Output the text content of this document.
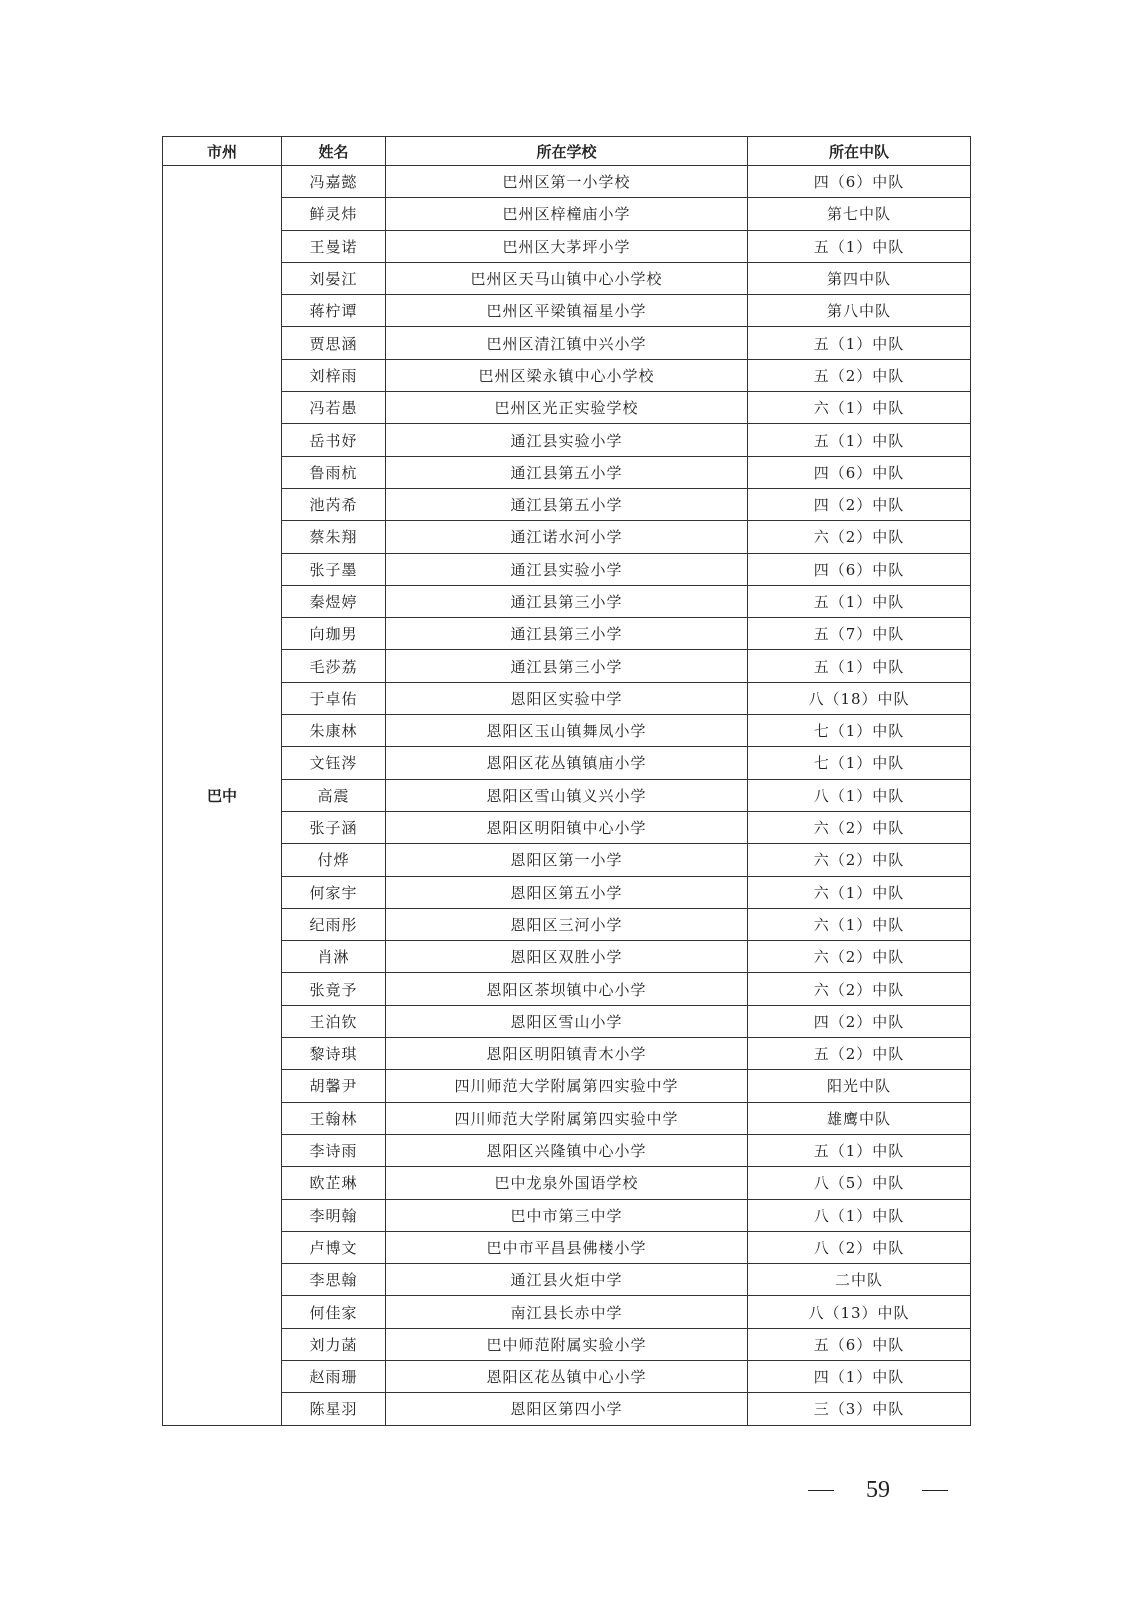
市州	姓名	所在学校	所在中队
巴中	冯嘉懿	巴州区第一小学校	四（6）中队
	鲜灵炜	巴州区梓橦庙小学	第七中队
	王曼诺	巴州区大茅坪小学	五（1）中队
	刘晏江	巴州区天马山镇中心小学校	第四中队
	蒋柠谭	巴州区平梁镇福星小学	第八中队
	贾思涵	巴州区清江镇中兴小学	五（1）中队
	刘梓雨	巴州区梁永镇中心小学校	五（2）中队
	冯若愚	巴州区光正实验学校	六（1）中队
	岳书妤	通江县实验小学	五（1）中队
	鲁雨杭	通江县第五小学	四（6）中队
	池芮希	通江县第五小学	四（2）中队
	蔡朱翔	通江诺水河小学	六（2）中队
	张子墨	通江县实验小学	四（6）中队
	秦煜婷	通江县第三小学	五（1）中队
	向珈男	通江县第三小学	五（7）中队
	毛莎荔	通江县第三小学	五（1）中队
	于卓佑	恩阳区实验中学	八（18）中队
	朱康林	恩阳区玉山镇舞凤小学	七（1）中队
	文钰涔	恩阳区花丛镇镇庙小学	七（1）中队
	高震	恩阳区雪山镇义兴小学	八（1）中队
	张子涵	恩阳区明阳镇中心小学	六（2）中队
	付烨	恩阳区第一小学	六（2）中队
	何家宇	恩阳区第五小学	六（1）中队
	纪雨彤	恩阳区三河小学	六（1）中队
	肖淋	恩阳区双胜小学	六（2）中队
	张竟予	恩阳区茶坝镇中心小学	六（2）中队
	王泊钦	恩阳区雪山小学	四（2）中队
	黎诗琪	恩阳区明阳镇青木小学	五（2）中队
	胡馨尹	四川师范大学附属第四实验中学	阳光中队
	王翰林	四川师范大学附属第四实验中学	雄鹰中队
	李诗雨	恩阳区兴隆镇中心小学	五（1）中队
	欧芷琳	巴中龙泉外国语学校	八（5）中队
	李明翰	巴中市第三中学	八（1）中队
	卢博文	巴中市平昌县佛楼小学	八（2）中队
	李思翰	通江县火炬中学	二中队
	何佳家	南江县长赤中学	八（13）中队
	刘力菡	巴中师范附属实验小学	五（6）中队
	赵雨珊	恩阳区花丛镇中心小学	四（1）中队
	陈星羽	恩阳区第四小学	三（3）中队
59
